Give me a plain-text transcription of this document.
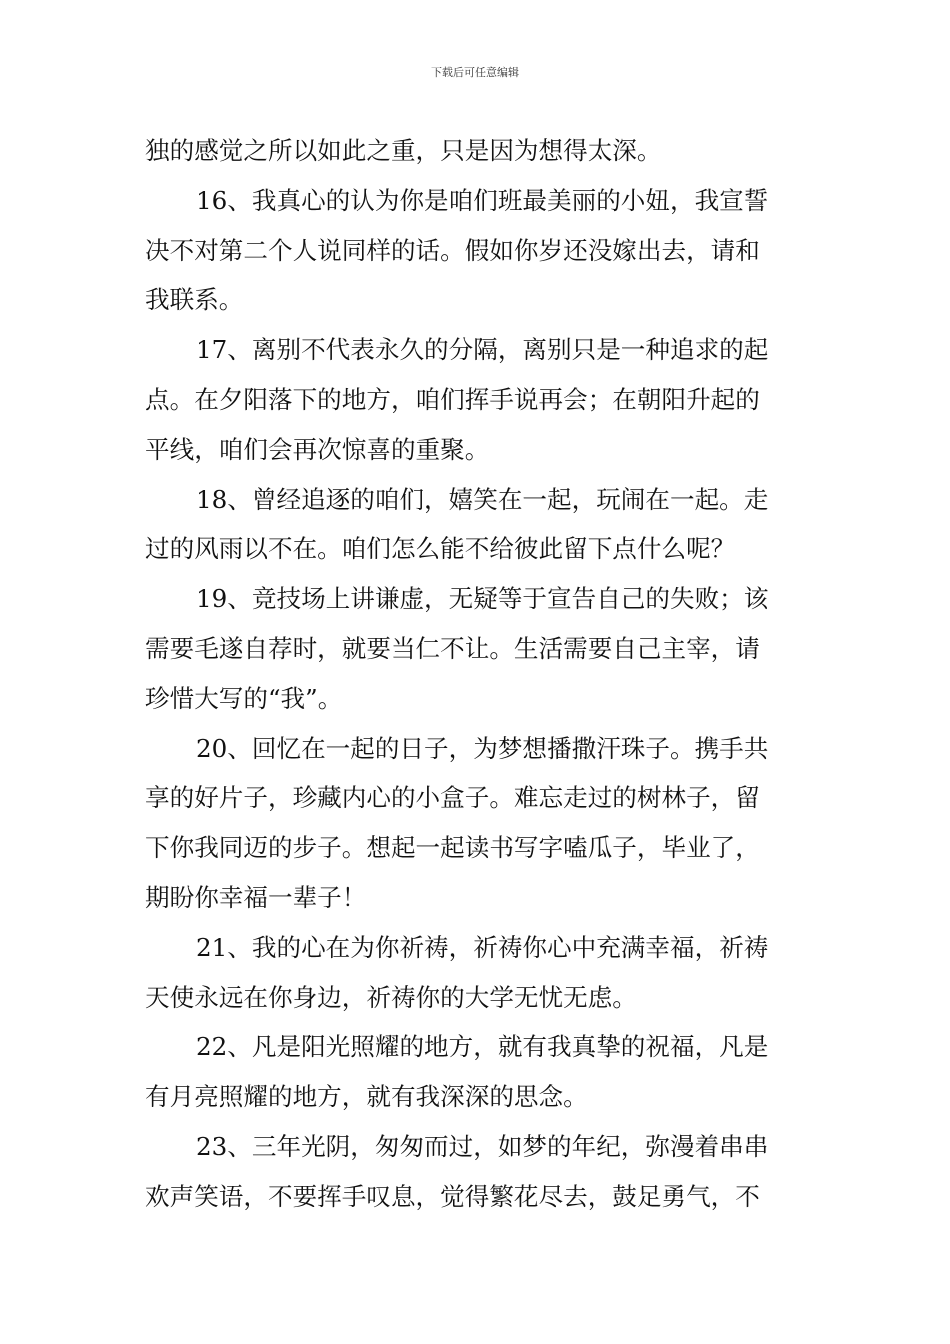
下载后可任意编辑
独的感觉之所以如此之重，只是因为想得太深。
16、我真心的认为你是咱们班最美丽的小妞，我宣誓
决不对第二个人说同样的话。假如你岁还没嫁出去，请和
我联系。
17、离别不代表永久的分隔，离别只是一种追求的起
点。在夕阳落下的地方，咱们挥手说再会；在朝阳升起的
平线，咱们会再次惊喜的重聚。
18、曾经追逐的咱们，嬉笑在一起，玩闹在一起。走
过的风雨以不在。咱们怎么能不给彼此留下点什么呢？
19、竞技场上讲谦虚，无疑等于宣告自己的失败；该
需要毛遂自荐时，就要当仁不让。生活需要自己主宰，请
珍惜大写的“我”。
20、回忆在一起的日子，为梦想播撒汗珠子。携手共
享的好片子，珍藏内心的小盒子。难忘走过的树林子，留
下你我同迈的步子。想起一起读书写字嗑瓜子，毕业了，
期盼你幸福一辈子！
21、我的心在为你祈祷，祈祷你心中充满幸福，祈祷
天使永远在你身边，祈祷你的大学无忧无虑。
22、凡是阳光照耀的地方，就有我真挚的祝福，凡是
有月亮照耀的地方，就有我深深的思念。
23、三年光阴，匆匆而过，如梦的年纪，弥漫着串串
欢声笑语，不要挥手叹息，觉得繁花尽去，鼓足勇气，不
